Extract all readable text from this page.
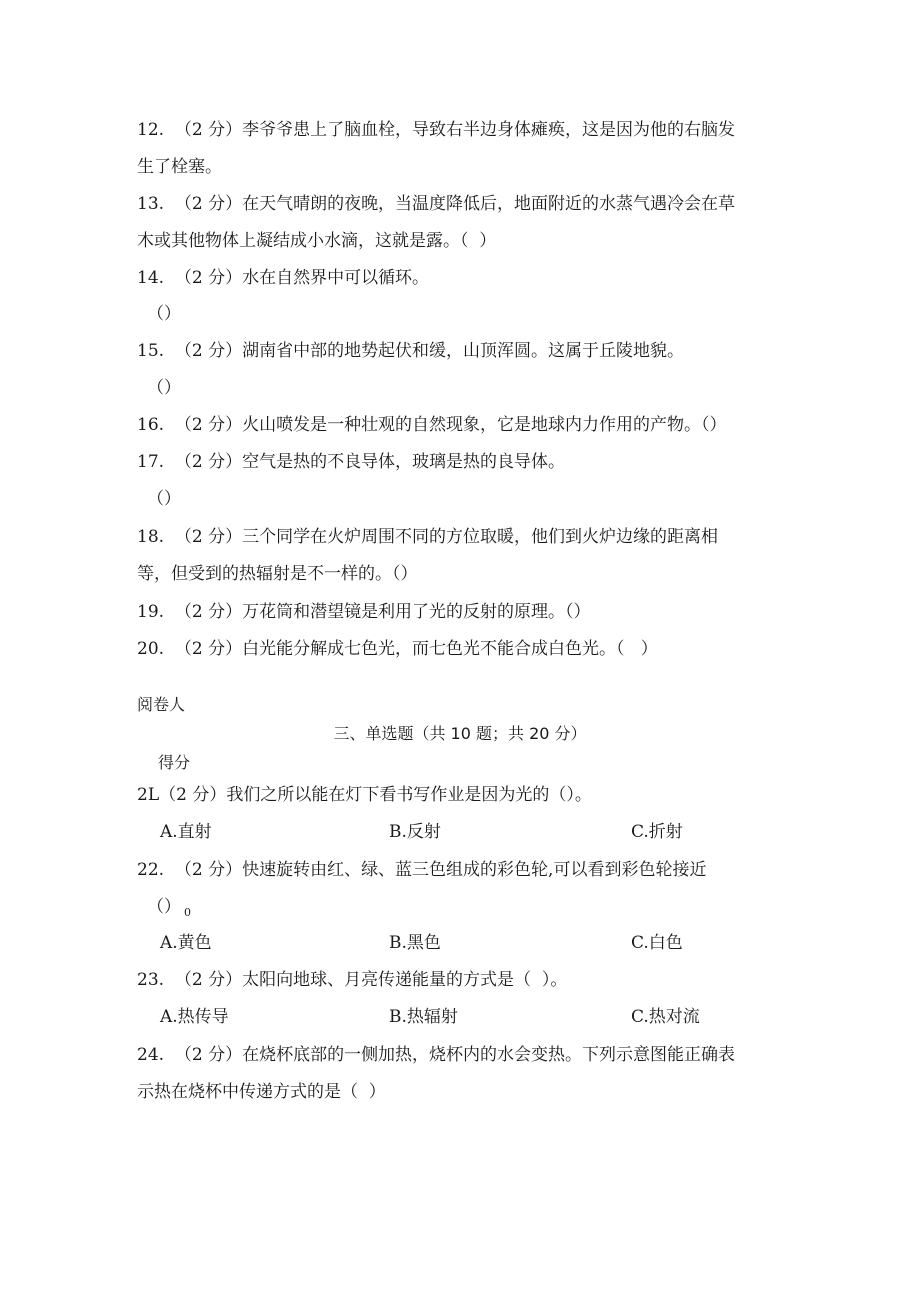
12.  （2 分）李爷爷患上了脑血栓，导致右半边身体瘫痪，这是因为他的右脑发
生了栓塞。
13.  （2 分）在天气晴朗的夜晚，当温度降低后，地面附近的水蒸气遇冷会在草
木或其他物体上凝结成小水滴，这就是露。（  ）
14.  （2 分）水在自然界中可以循环。
（）
15.  （2 分）湖南省中部的地势起伏和缓，山顶浑圆。这属于丘陵地貌。
（）
16.  （2 分）火山喷发是一种壮观的自然现象，它是地球内力作用的产物。（）
17.  （2 分）空气是热的不良导体，玻璃是热的良导体。
（）
18.  （2 分）三个同学在火炉周围不同的方位取暖，他们到火炉边缘的距离相
等，但受到的热辐射是不一样的。（）
19.  （2 分）万花筒和潜望镜是利用了光的反射的原理。（）
20.  （2 分）白光能分解成七色光，而七色光不能合成白色光。（   ）
阅卷人
三、单选题（共 10 题；共 20 分）
得分
2L（2 分）我们之所以能在灯下看书写作业是因为光的（）。
A.直射	B.反射	C.折射
22.  （2 分）快速旋转由红、绿、蓝三色组成的彩色轮,可以看到彩色轮接近
（） $_0$
A.黄色	B.黑色	C.白色
23.  （2 分）太阳向地球、月亮传递能量的方式是（  ）。
A.热传导	B.热辐射	C.热对流
24.  （2 分）在烧杯底部的一侧加热，烧杯内的水会变热。下列示意图能正确表
示热在烧杯中传递方式的是（  ）
